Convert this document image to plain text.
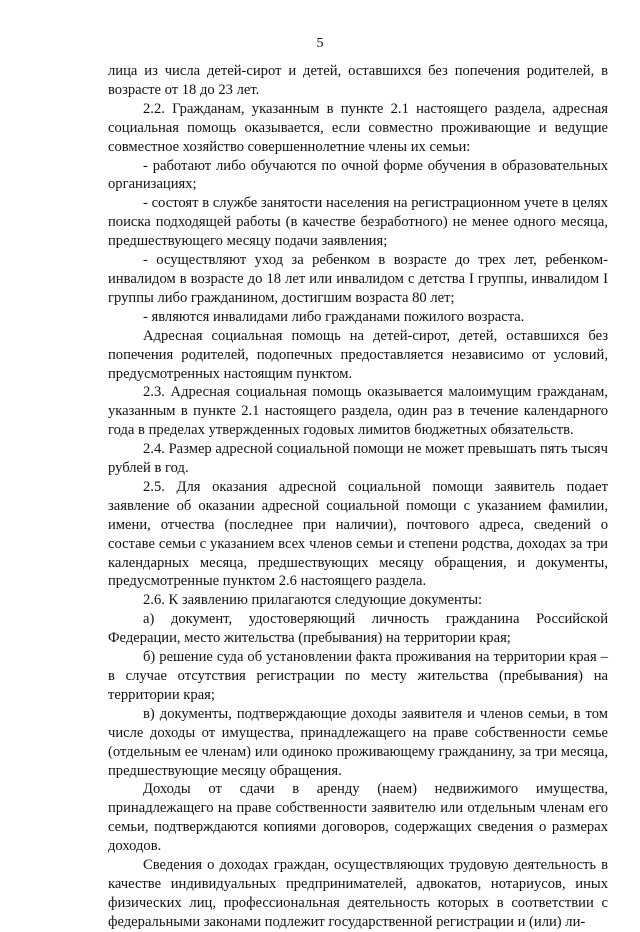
5

лица из числа детей-сирот и детей, оставшихся без попечения родителей, в возрасте от 18 до 23 лет.

2.2. Гражданам, указанным в пункте 2.1 настоящего раздела, адресная социальная помощь оказывается, если совместно проживающие и ведущие совместное хозяйство совершеннолетние члены их семьи:

- работают либо обучаются по очной форме обучения в образовательных организациях;

- состоят в службе занятости населения на регистрационном учете в целях поиска подходящей работы (в качестве безработного) не менее одного месяца, предшествующего месяцу подачи заявления;

- осуществляют уход за ребенком в возрасте до трех лет, ребенком-инвалидом в возрасте до 18 лет или инвалидом с детства I группы, инвалидом I группы либо гражданином, достигшим возраста 80 лет;

- являются инвалидами либо гражданами пожилого возраста.

Адресная социальная помощь на детей-сирот, детей, оставшихся без попечения родителей, подопечных предоставляется независимо от условий, предусмотренных настоящим пунктом.

2.3. Адресная социальная помощь оказывается малоимущим гражданам, указанным в пункте 2.1 настоящего раздела, один раз в течение календарного года в пределах утвержденных годовых лимитов бюджетных обязательств.

2.4. Размер адресной социальной помощи не может превышать пять тысяч рублей в год.

2.5. Для оказания адресной социальной помощи заявитель подает заявление об оказании адресной социальной помощи с указанием фамилии, имени, отчества (последнее при наличии), почтового адреса, сведений о составе семьи с указанием всех членов семьи и степени родства, доходах за три календарных месяца, предшествующих месяцу обращения, и документы, предусмотренные пунктом 2.6 настоящего раздела.

2.6. К заявлению прилагаются следующие документы:

а) документ, удостоверяющий личность гражданина Российской Федерации, место жительства (пребывания) на территории края;

б) решение суда об установлении факта проживания на территории края – в случае отсутствия регистрации по месту жительства (пребывания) на территории края;

в) документы, подтверждающие доходы заявителя и членов семьи, в том числе доходы от имущества, принадлежащего на праве собственности семье (отдельным ее членам) или одиноко проживающему гражданину, за три месяца, предшествующие месяцу обращения.

Доходы от сдачи в аренду (наем) недвижимого имущества, принадлежащего на праве собственности заявителю или отдельным членам его семьи, подтверждаются копиями договоров, содержащих сведения о размерах доходов.

Сведения о доходах граждан, осуществляющих трудовую деятельность в качестве индивидуальных предпринимателей, адвокатов, нотариусов, иных физических лиц, профессиональная деятельность которых в соответствии с федеральными законами подлежит государственной регистрации и (или) ли-
